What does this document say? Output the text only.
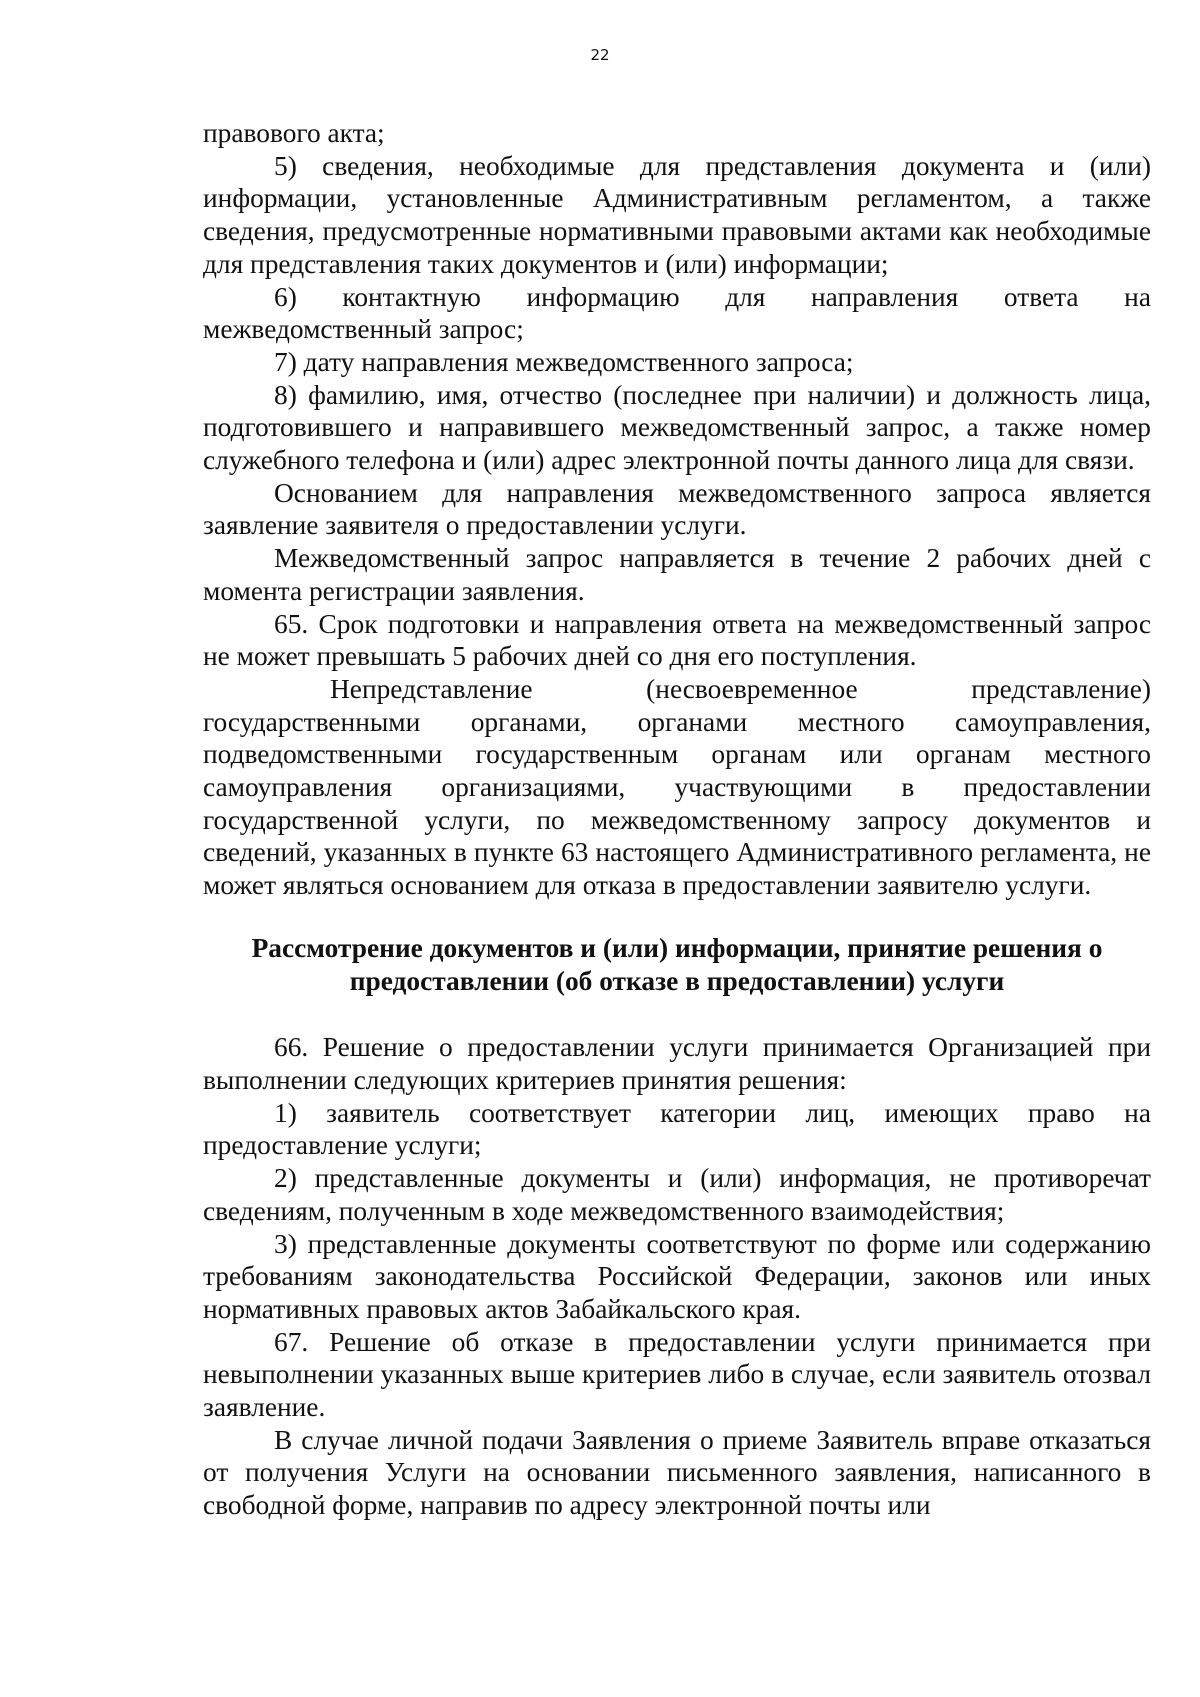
22

правового акта;

5) сведения, необходимые для представления документа и (или) информации, установленные Административным регламентом, а также сведения, предусмотренные нормативными правовыми актами как необходимые для представления таких документов и (или) информации;

6) контактную информацию для направления ответа на межведомственный запрос;

7) дату направления межведомственного запроса;

8) фамилию, имя, отчество (последнее при наличии) и должность лица, подготовившего и направившего межведомственный запрос, а также номер служебного телефона и (или) адрес электронной почты данного лица для связи.

Основанием для направления межведомственного запроса является заявление заявителя о предоставлении услуги.

Межведомственный запрос направляется в течение 2 рабочих дней с момента регистрации заявления.

65. Срок подготовки и направления ответа на межведомственный запрос не может превышать 5 рабочих дней со дня его поступления.

Непредставление (несвоевременное представление) государственными органами, органами местного самоуправления, подведомственными государственным органам или органам местного самоуправления организациями, участвующими в предоставлении государственной услуги, по межведомственному запросу документов и сведений, указанных в пункте 63 настоящего Административного регламента, не может являться основанием для отказа в предоставлении заявителю услуги.

Рассмотрение документов и (или) информации, принятие решения о
предоставлении (об отказе в предоставлении) услуги

66. Решение о предоставлении услуги принимается Организацией при выполнении следующих критериев принятия решения:

1) заявитель соответствует категории лиц, имеющих право на предоставление услуги;

2) представленные документы и (или) информация, не противоречат сведениям, полученным в ходе межведомственного взаимодействия;

3) представленные документы соответствуют по форме или содержанию требованиям законодательства Российской Федерации, законов или иных нормативных правовых актов Забайкальского края.

67. Решение об отказе в предоставлении услуги принимается при невыполнении указанных выше критериев либо в случае, если заявитель отозвал заявление.

В случае личной подачи Заявления о приеме Заявитель вправе отказаться от получения Услуги на основании письменного заявления, написанного в свободной форме, направив по адресу электронной почты или
